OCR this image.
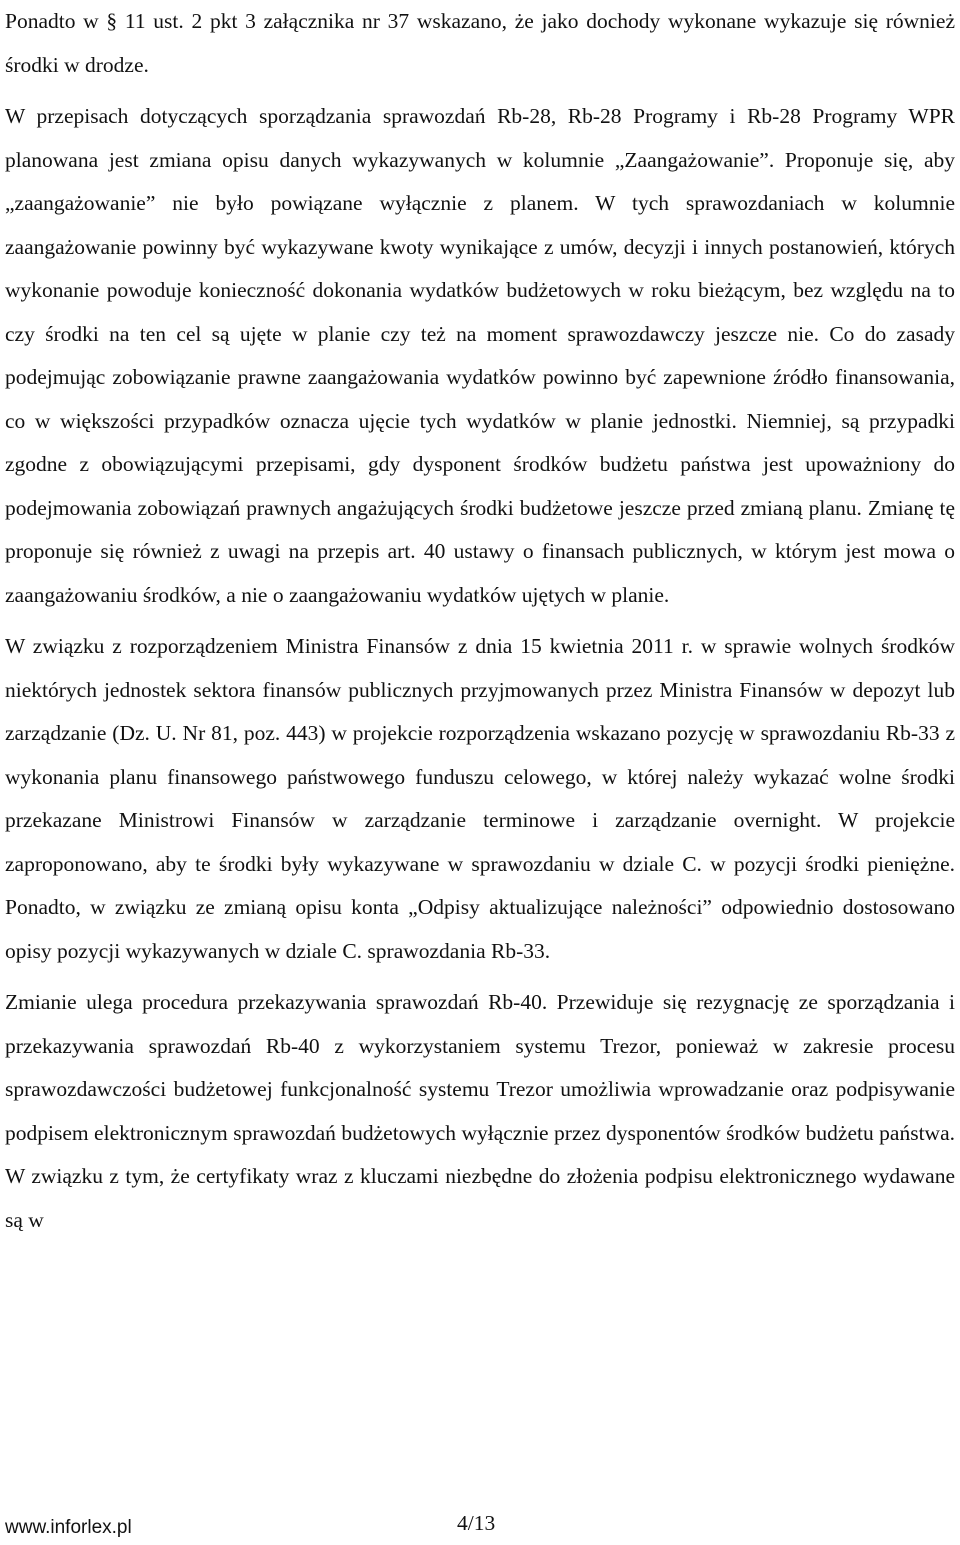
Ponadto w § 11 ust. 2 pkt 3 załącznika nr 37 wskazano, że jako dochody wykonane wykazuje się również środki w drodze.

W przepisach dotyczących sporządzania sprawozdań Rb-28, Rb-28 Programy i Rb-28 Programy WPR planowana jest zmiana opisu danych wykazywanych w kolumnie „Zaangażowanie”. Proponuje się, aby „zaangażowanie” nie było powiązane wyłącznie z planem. W tych sprawozdaniach w kolumnie zaangażowanie powinny być wykazywane kwoty wynikające z umów, decyzji i innych postanowień, których wykonanie powoduje konieczność dokonania wydatków budżetowych w roku bieżącym, bez względu na to czy środki na ten cel są ujęte w planie czy też na moment sprawozdawczy jeszcze nie. Co do zasady podejmując zobowiązanie prawne zaangażowania wydatków powinno być zapewnione źródło finansowania, co w większości przypadków oznacza ujęcie tych wydatków w planie jednostki. Niemniej, są przypadki zgodne z obowiązującymi przepisami, gdy dysponent środków budżetu państwa jest upoważniony do podejmowania zobowiązań prawnych angażujących środki budżetowe jeszcze przed zmianą planu. Zmianę tę proponuje się również z uwagi na przepis art. 40 ustawy o finansach publicznych, w którym jest mowa o zaangażowaniu środków, a nie o zaangażowaniu wydatków ujętych w planie.

W związku z rozporządzeniem Ministra Finansów z dnia 15 kwietnia 2011 r. w sprawie wolnych środków niektórych jednostek sektora finansów publicznych przyjmowanych przez Ministra Finansów w depozyt lub zarządzanie (Dz. U. Nr 81, poz. 443) w projekcie rozporządzenia wskazano pozycję w sprawozdaniu Rb-33 z wykonania planu finansowego państwowego funduszu celowego, w której należy wykazać wolne środki przekazane Ministrowi Finansów w zarządzanie terminowe i zarządzanie overnight. W projekcie zaproponowano, aby te środki były wykazywane w sprawozdaniu w dziale C. w pozycji środki pieniężne. Ponadto, w związku ze zmianą opisu konta „Odpisy aktualizujące należności” odpowiednio dostosowano opisy pozycji wykazywanych w dziale C. sprawozdania Rb-33.

Zmianie ulega procedura przekazywania sprawozdań Rb-40. Przewiduje się rezygnację ze sporządzania i przekazywania sprawozdań Rb-40 z wykorzystaniem systemu Trezor, ponieważ w zakresie procesu sprawozdawczości budżetowej funkcjonalność systemu Trezor umożliwia wprowadzanie oraz podpisywanie podpisem elektronicznym sprawozdań budżetowych wyłącznie przez dysponentów środków budżetu państwa. W związku z tym, że certyfikaty wraz z kluczami niezbędne do złożenia podpisu elektronicznego wydawane są w

www.inforlex.pl	4/13
